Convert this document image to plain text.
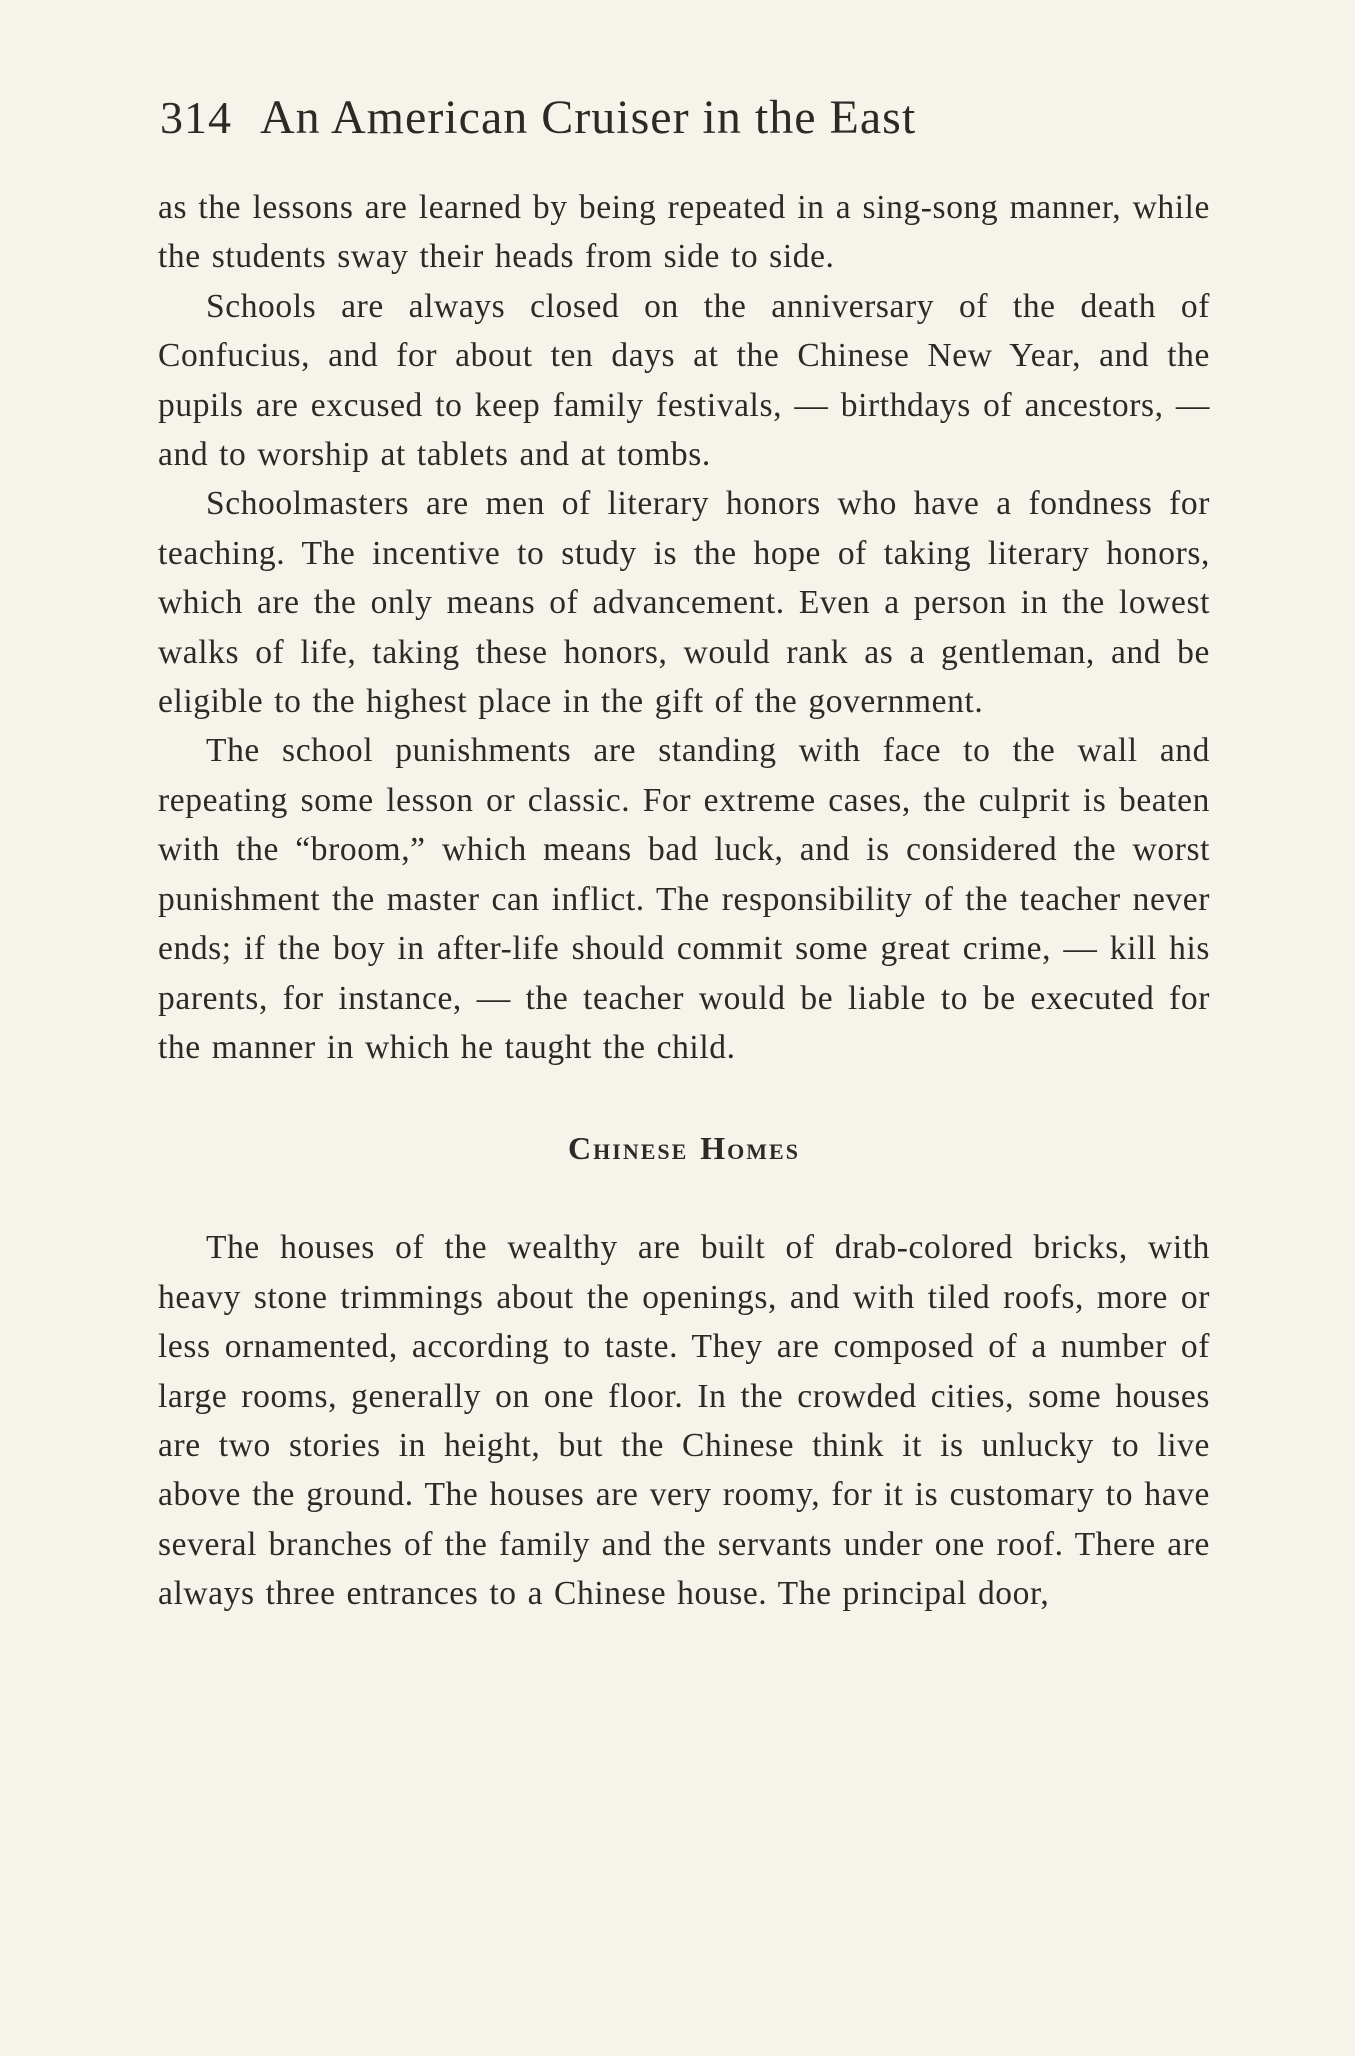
314 An American Cruiser in the East

as the lessons are learned by being repeated in a sing-song manner, while the students sway their heads from side to side.

Schools are always closed on the anniversary of the death of Confucius, and for about ten days at the Chinese New Year, and the pupils are excused to keep family festivals, — birthdays of ancestors, — and to worship at tablets and at tombs.

Schoolmasters are men of literary honors who have a fondness for teaching. The incentive to study is the hope of taking literary honors, which are the only means of advancement. Even a person in the lowest walks of life, taking these honors, would rank as a gentleman, and be eligible to the highest place in the gift of the government.

The school punishments are standing with face to the wall and repeating some lesson or classic. For extreme cases, the culprit is beaten with the “broom,” which means bad luck, and is considered the worst punishment the master can inflict. The responsibility of the teacher never ends; if the boy in after-life should commit some great crime, — kill his parents, for instance, — the teacher would be liable to be executed for the manner in which he taught the child.

Chinese Homes

The houses of the wealthy are built of drab-colored bricks, with heavy stone trimmings about the openings, and with tiled roofs, more or less ornamented, according to taste. They are composed of a number of large rooms, generally on one floor. In the crowded cities, some houses are two stories in height, but the Chinese think it is unlucky to live above the ground. The houses are very roomy, for it is customary to have several branches of the family and the servants under one roof. There are always three entrances to a Chinese house. The principal door,
